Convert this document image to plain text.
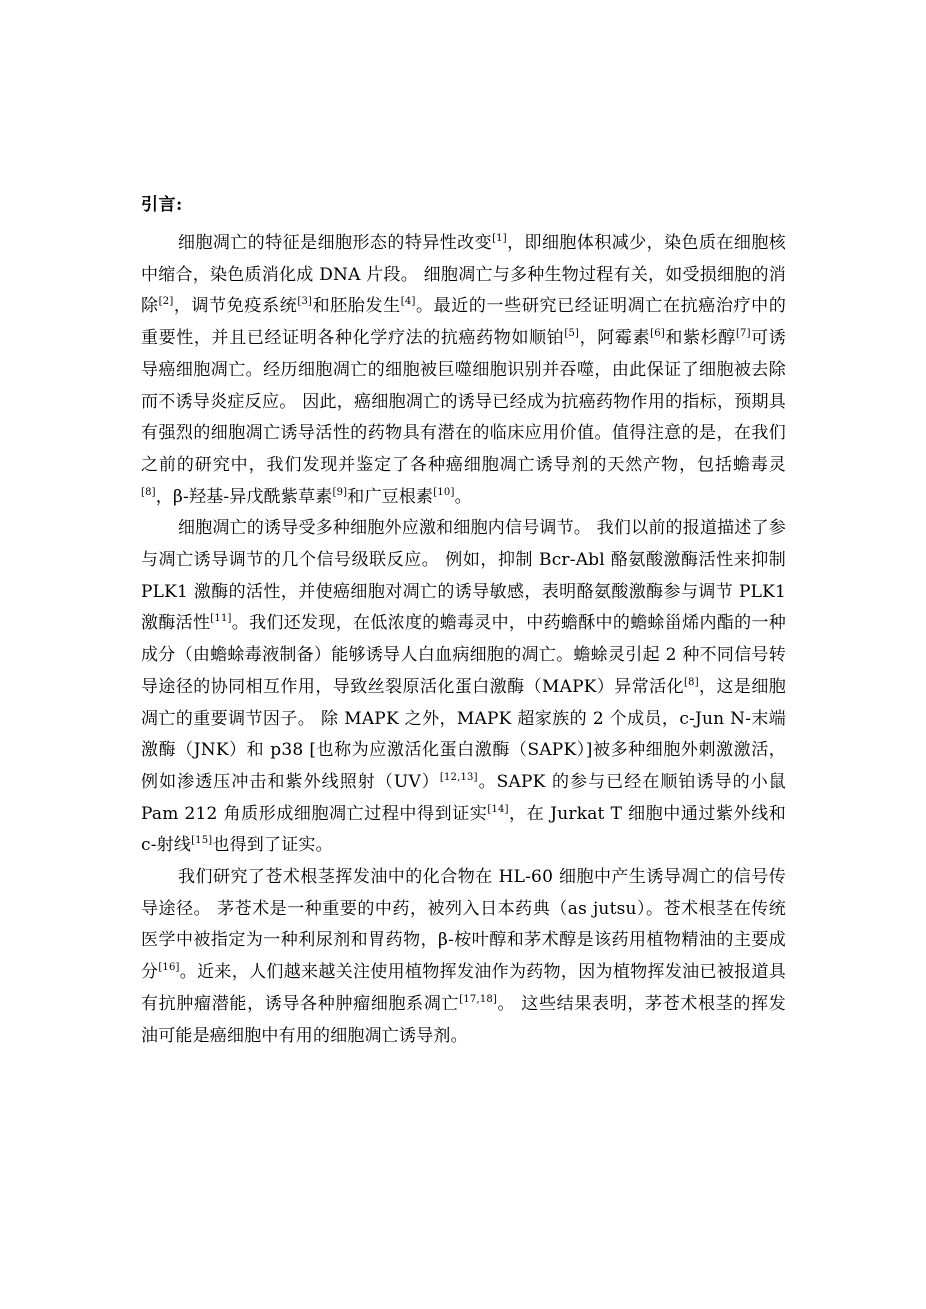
引言:

细胞凋亡的特征是细胞形态的特异性改变[1]，即细胞体积减少，染色质在细胞核中缩合，染色质消化成 DNA 片段。 细胞凋亡与多种生物过程有关，如受损细胞的消除[2]，调节免疫系统[3]和胚胎发生[4]。最近的一些研究已经证明凋亡在抗癌治疗中的重要性，并且已经证明各种化学疗法的抗癌药物如顺铂[5]，阿霉素[6]和紫杉醇[7]可诱导癌细胞凋亡。经历细胞凋亡的细胞被巨噬细胞识别并吞噬，由此保证了细胞被去除而不诱导炎症反应。 因此，癌细胞凋亡的诱导已经成为抗癌药物作用的指标，预期具有强烈的细胞凋亡诱导活性的药物具有潜在的临床应用价值。值得注意的是，在我们之前的研究中，我们发现并鉴定了各种癌细胞凋亡诱导剂的天然产物，包括蟾毒灵[8]，β-羟基-异戊酰紫草素[9]和广豆根素[10]。

细胞凋亡的诱导受多种细胞外应激和细胞内信号调节。 我们以前的报道描述了参与凋亡诱导调节的几个信号级联反应。 例如，抑制 Bcr-Abl 酪氨酸激酶活性来抑制 PLK1 激酶的活性，并使癌细胞对凋亡的诱导敏感，表明酪氨酸激酶参与调节 PLK1 激酶活性[11]。我们还发现，在低浓度的蟾毒灵中，中药蟾酥中的蟾蜍甾烯内酯的一种成分（由蟾蜍毒液制备）能够诱导人白血病细胞的凋亡。蟾蜍灵引起 2 种不同信号转导途径的协同相互作用，导致丝裂原活化蛋白激酶（MAPK）异常活化[8]，这是细胞凋亡的重要调节因子。 除 MAPK 之外，MAPK 超家族的 2 个成员，c-Jun N-末端激酶（JNK）和 p38 [也称为应激活化蛋白激酶（SAPK）]被多种细胞外刺激激活，例如渗透压冲击和紫外线照射（UV）[12,13]。SAPK 的参与已经在顺铂诱导的小鼠 Pam 212 角质形成细胞凋亡过程中得到证实[14]，在 Jurkat T 细胞中通过紫外线和 c-射线[15]也得到了证实。

我们研究了苍术根茎挥发油中的化合物在 HL-60 细胞中产生诱导凋亡的信号传导途径。 茅苍术是一种重要的中药，被列入日本药典（as jutsu）。苍术根茎在传统医学中被指定为一种利尿剂和胃药物，β-桉叶醇和茅术醇是该药用植物精油的主要成分[16]。近来，人们越来越关注使用植物挥发油作为药物，因为植物挥发油已被报道具有抗肿瘤潜能，诱导各种肿瘤细胞系凋亡[17,18]。 这些结果表明，茅苍术根茎的挥发油可能是癌细胞中有用的细胞凋亡诱导剂。
